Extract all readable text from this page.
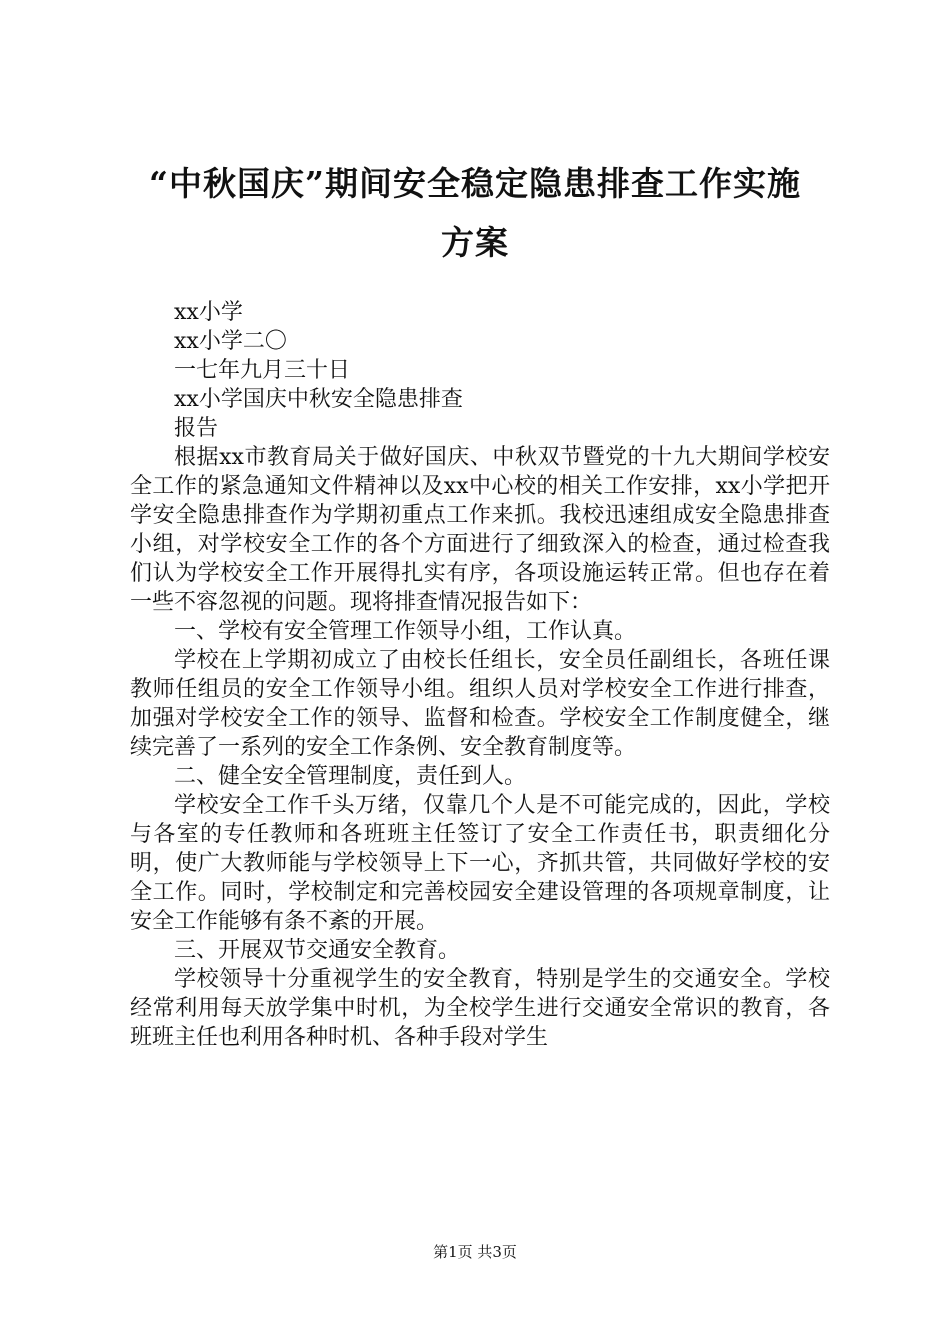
“中秋国庆”期间安全稳定隐患排查工作实施
方案

xx小学

xx小学二〇

一七年九月三十日

xx小学国庆中秋安全隐患排查

报告

根据xx市教育局关于做好国庆、中秋双节暨党的十九大期间学校安全工作的紧急通知文件精神以及xx中心校的相关工作安排，xx小学把开学安全隐患排查作为学期初重点工作来抓。我校迅速组成安全隐患排查小组，对学校安全工作的各个方面进行了细致深入的检查，通过检查我们认为学校安全工作开展得扎实有序，各项设施运转正常。但也存在着一些不容忽视的问题。现将排查情况报告如下：

一、学校有安全管理工作领导小组，工作认真。

学校在上学期初成立了由校长任组长，安全员任副组长，各班任课教师任组员的安全工作领导小组。组织人员对学校安全工作进行排查，加强对学校安全工作的领导、监督和检查。学校安全工作制度健全，继续完善了一系列的安全工作条例、安全教育制度等。

二、健全安全管理制度，责任到人。

学校安全工作千头万绪，仅靠几个人是不可能完成的，因此，学校与各室的专任教师和各班班主任签订了安全工作责任书，职责细化分明，使广大教师能与学校领导上下一心，齐抓共管，共同做好学校的安全工作。同时，学校制定和完善校园安全建设管理的各项规章制度，让安全工作能够有条不紊的开展。

三、开展双节交通安全教育。

学校领导十分重视学生的安全教育，特别是学生的交通安全。学校经常利用每天放学集中时机，为全校学生进行交通安全常识的教育，各班班主任也利用各种时机、各种手段对学生

第1页 共3页
